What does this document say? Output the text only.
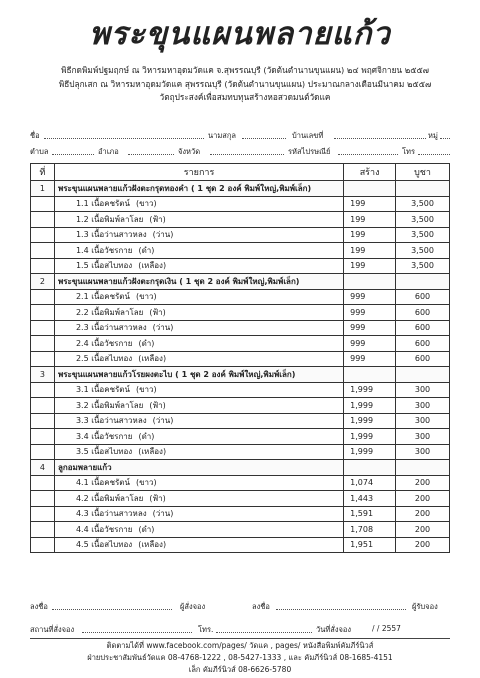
พระขุนแผนพลายแก้ว
พิธีกดพิมพ์ปฐมฤกษ์ ณ วิหารมหาอุดมวัดแค จ.สุพรรณบุรี (วัดต้นตำนานขุนแผน) ๒๔ พฤศจิกายน ๒๕๕๗
พิธีปลุกเสก ณ วิหารมหาอุดมวัดแค สุพรรณบุรี (วัดต้นตำนานขุนแผน) ประมาณกลางเดือนมีนาคม ๒๕๕๗
วัตถุประสงค์เพื่อสมทบทุนสร้างหอสวดมนต์วัดแค
ชื่อ	นามสกุล	บ้านเลขที่	หมู่
ตำบล	อำเภอ	จังหวัด	รหัสไปรษณีย์	โทร
ที่	รายการ	สร้าง	บูชา
1	พระขุนแผนพลายแก้วฝังตะกรุดทองคำ ( 1 ชุด 2 องค์ พิมพ์ใหญ่,พิมพ์เล็ก)		
	1.1 เนื้อคชรัตน์ (ขาว)	199	3,500
	1.2 เนื้อพิมพ์ลาโลย (ฟ้า)	199	3,500
	1.3 เนื้อว่านสาวหลง (ว่าน)	199	3,500
	1.4 เนื้อวัชรกาย (ดำ)	199	3,500
	1.5 เนื้อสไบทอง (เหลือง)	199	3,500
2	พระขุนแผนพลายแก้วฝังตะกรุดเงิน ( 1 ชุด 2 องค์ พิมพ์ใหญ่,พิมพ์เล็ก)		
	2.1 เนื้อคชรัตน์ (ขาว)	999	600
	2.2 เนื้อพิมพ์ลาโลย (ฟ้า)	999	600
	2.3 เนื้อว่านสาวหลง (ว่าน)	999	600
	2.4 เนื้อวัชรกาย (ดำ)	999	600
	2.5 เนื้อสไบทอง (เหลือง)	999	600
3	พระขุนแผนพลายแก้วโรยผงตะไบ ( 1 ชุด 2 องค์ พิมพ์ใหญ่,พิมพ์เล็ก)		
	3.1 เนื้อคชรัตน์ (ขาว)	1,999	300
	3.2 เนื้อพิมพ์ลาโลย (ฟ้า)	1,999	300
	3.3 เนื้อว่านสาวหลง (ว่าน)	1,999	300
	3.4 เนื้อวัชรกาย (ดำ)	1,999	300
	3.5 เนื้อสไบทอง (เหลือง)	1,999	300
4	ลูกอมพลายแก้ว		
	4.1 เนื้อคชรัตน์ (ขาว)	1,074	200
	4.2 เนื้อพิมพ์ลาโลย (ฟ้า)	1,443	200
	4.3 เนื้อว่านสาวหลง (ว่าน)	1,591	200
	4.4 เนื้อวัชรกาย (ดำ)	1,708	200
	4.5 เนื้อสไบทอง (เหลือง)	1,951	200
ลงชื่อ	ผู้สั่งจอง	ลงชื่อ	ผู้รับจอง
สถานที่สั่งจอง	โทร.	วันที่สั่งจอง	/ / 2557
ติดตามได้ที่ www.facebook.com/pages/ วัดแค , pages/ หนังสือพิมพ์คัมภีร์นิวส์
ฝ่ายประชาสัมพันธ์วัดแค 08-4768-1222 , 08-5427-1333 , และ คัมภีร์นิวส์ 08-1685-4151
เล็ก คัมภีร์นิวส์ 08-6626-5780
